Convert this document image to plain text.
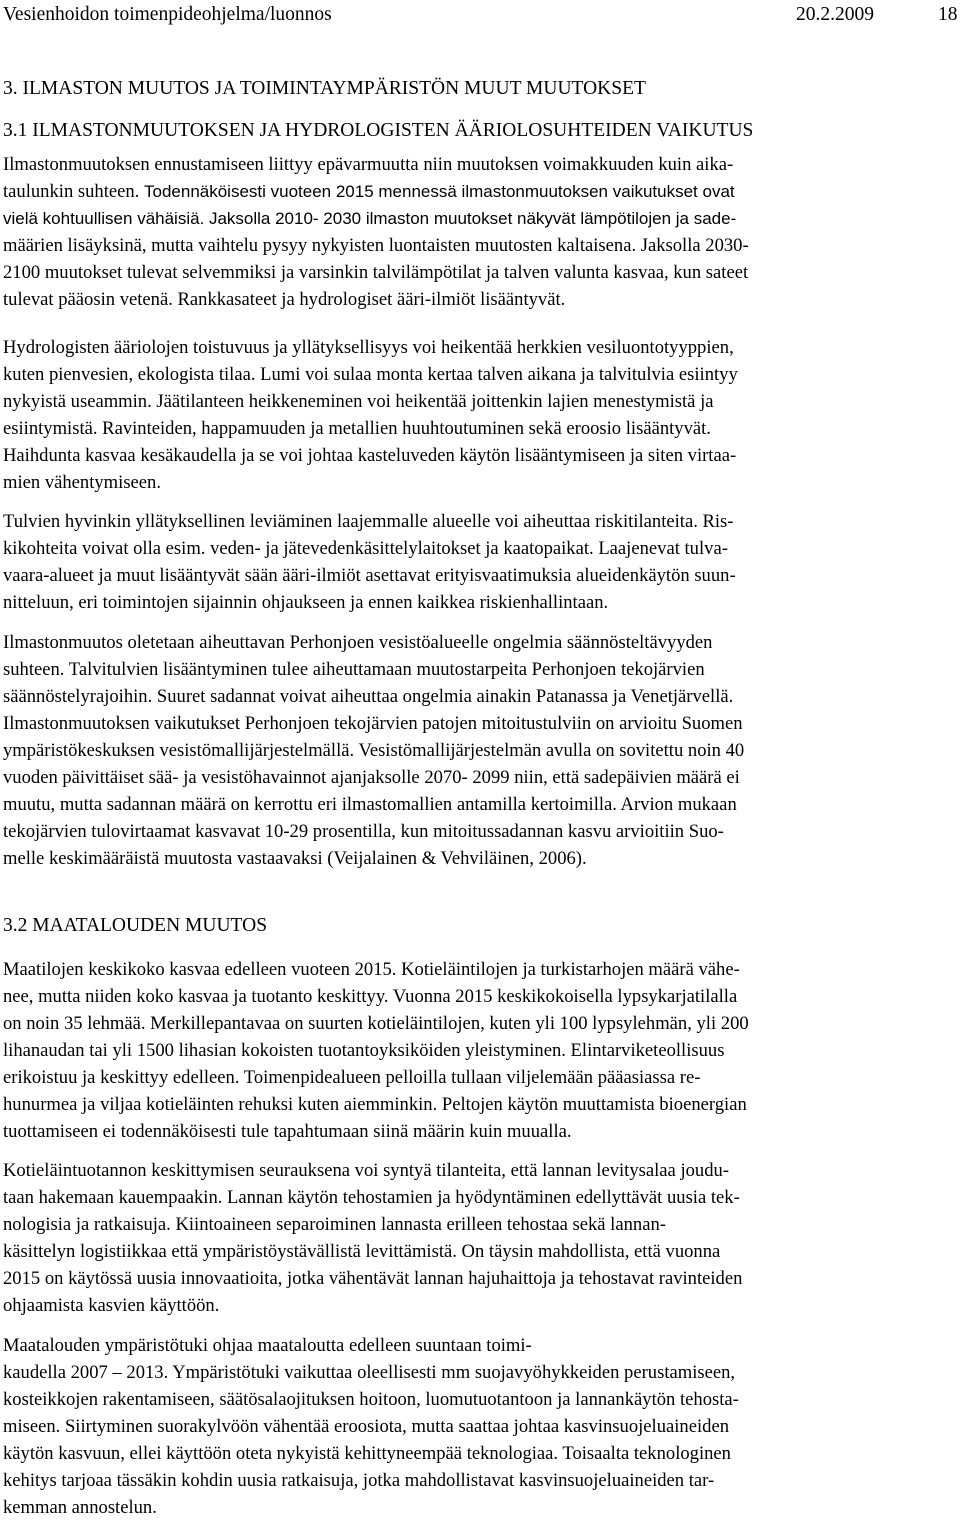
Vesienhoidon toimenpideohjelma/luonnos	20.2.2009	18
3. ILMASTON MUUTOS JA TOIMINTAYMPÄRISTÖN MUUT MUUTOKSET
3.1 ILMASTONMUUTOKSEN JA HYDROLOGISTEN ÄÄRIOLOSUHTEIDEN VAIKUTUS
Ilmastonmuutoksen ennustamiseen liittyy epävarmuutta niin muutoksen voimakkuuden kuin aika-
taulunkin suhteen. Todennäköisesti vuoteen 2015 mennessä ilmastonmuutoksen vaikutukset ovat
vielä kohtuullisen vähäisiä. Jaksolla 2010- 2030 ilmaston muutokset näkyvät lämpötilojen ja sade-
määrien lisäyksinä, mutta vaihtelu pysyy nykyisten luontaisten muutosten kaltaisena. Jaksolla 2030-
2100 muutokset tulevat selvemmiksi ja varsinkin talvilämpötilat ja talven valunta kasvaa, kun sateet
tulevat pääosin vetenä. Rankkasateet ja hydrologiset ääri-ilmiöt lisääntyvät.
Hydrologisten ääriolojen toistuvuus ja yllätyksellisyys voi heikentää herkkien vesiluontotyyppien,
kuten pienvesien, ekologista tilaa. Lumi voi sulaa monta kertaa talven aikana ja talvitulvia esiintyy
nykyistä useammin. Jäätilanteen heikkeneminen voi heikentää joittenkin lajien menestymistä ja
esiintymistä. Ravinteiden, happamuuden ja metallien huuhtoutuminen sekä eroosio lisääntyvät.
Haihdunta kasvaa kesäkaudella ja se voi johtaa kasteluveden käytön lisääntymiseen ja siten virtaa-
mien vähentymiseen.
Tulvien hyvinkin yllätyksellinen leviäminen laajemmalle alueelle voi aiheuttaa riskitilanteita. Ris-
kikohteita voivat olla esim. veden- ja jätevedenkäsittelylaitokset ja kaatopaikat. Laajenevat tulva-
vaara-alueet ja muut lisääntyvät sään ääri-ilmiöt asettavat erityisvaatimuksia alueidenkäytön suun-
nitteluun, eri toimintojen sijainnin ohjaukseen ja ennen kaikkea riskienhallintaan.
Ilmastonmuutos oletetaan aiheuttavan Perhonjoen vesistöalueelle ongelmia säännösteltävyyden
suhteen. Talvitulvien lisääntyminen tulee aiheuttamaan muutostarpeita Perhonjoen tekojärvien
säännöstelyrajoihin. Suuret sadannat voivat aiheuttaa ongelmia ainakin Patanassa ja Venetjärvellä.
Ilmastonmuutoksen vaikutukset Perhonjoen tekojärvien patojen mitoitustulviin on arvioitu Suomen
ympäristökeskuksen vesistömallijärjestelmällä. Vesistömallijärjestelmän avulla on sovitettu noin 40
vuoden päivittäiset sää- ja vesistöhavainnot ajanjaksolle 2070- 2099 niin, että sadepäivien määrä ei
muutu, mutta sadannan määrä on kerrottu eri ilmastomallien antamilla kertoimilla. Arvion mukaan
tekojärvien tulovirtaamat kasvavat 10-29 prosentilla, kun mitoitussadannan kasvu arvioitiin Suo-
melle keskimääräistä muutosta vastaavaksi (Veijalainen & Vehviläinen, 2006).
3.2 MAATALOUDEN MUUTOS
Maatilojen keskikoko kasvaa edelleen vuoteen 2015. Kotieläintilojen ja turkistarhojen määrä vähe-
nee, mutta niiden koko kasvaa ja tuotanto keskittyy. Vuonna 2015 keskikokoisella lypsykarjatilalla
on noin 35 lehmää. Merkillepantavaa on suurten kotieläintilojen, kuten yli 100 lypsylehmän, yli 200
lihanaudan tai yli 1500 lihasian kokoisten tuotantoyksiköiden yleistyminen. Elintarviketeollisuus
erikoistuu ja keskittyy edelleen. Toimenpidealueen pelloilla tullaan viljelemään pääasiassa re-
hunurmea ja viljaa kotieläinten rehuksi kuten aiemminkin. Peltojen käytön muuttamista bioenergian
tuottamiseen ei todennäköisesti tule tapahtumaan siinä määrin kuin muualla.
Kotieläintuotannon keskittymisen seurauksena voi syntyä tilanteita, että lannan levitysalaa joudu-
taan hakemaan kauempaakin. Lannan käytön tehostamien ja hyödyntäminen edellyttävät uusia tek-
nologisia ja ratkaisuja. Kiintoaineen separoiminen lannasta erilleen tehostaa sekä lannan-
käsittelyn logistiikkaa että ympäristöystävällistä levittämistä. On täysin mahdollista, että vuonna
2015 on käytössä uusia innovaatioita, jotka vähentävät lannan hajuhaittoja ja tehostavat ravinteiden
ohjaamista kasvien käyttöön.
Maatalouden ympäristötuki ohjaa maataloutta edelleen suuntaan toimi-
kaudella 2007 – 2013. Ympäristötuki vaikuttaa oleellisesti mm suojavyöhykkeiden perustamiseen,
kosteikkojen rakentamiseen, säätösalaojituksen hoitoon, luomutuotantoon ja lannankäytön tehosta-
miseen. Siirtyminen suorakylvöön vähentää eroosiota, mutta saattaa johtaa kasvinsuojeluaineiden
käytön kasvuun, ellei käyttöön oteta nykyistä kehittyneempää teknologiaa. Toisaalta teknologinen
kehitys tarjoaa tässäkin kohdin uusia ratkaisuja, jotka mahdollistavat kasvinsuojeluaineiden tar-
kemman annostelun.
